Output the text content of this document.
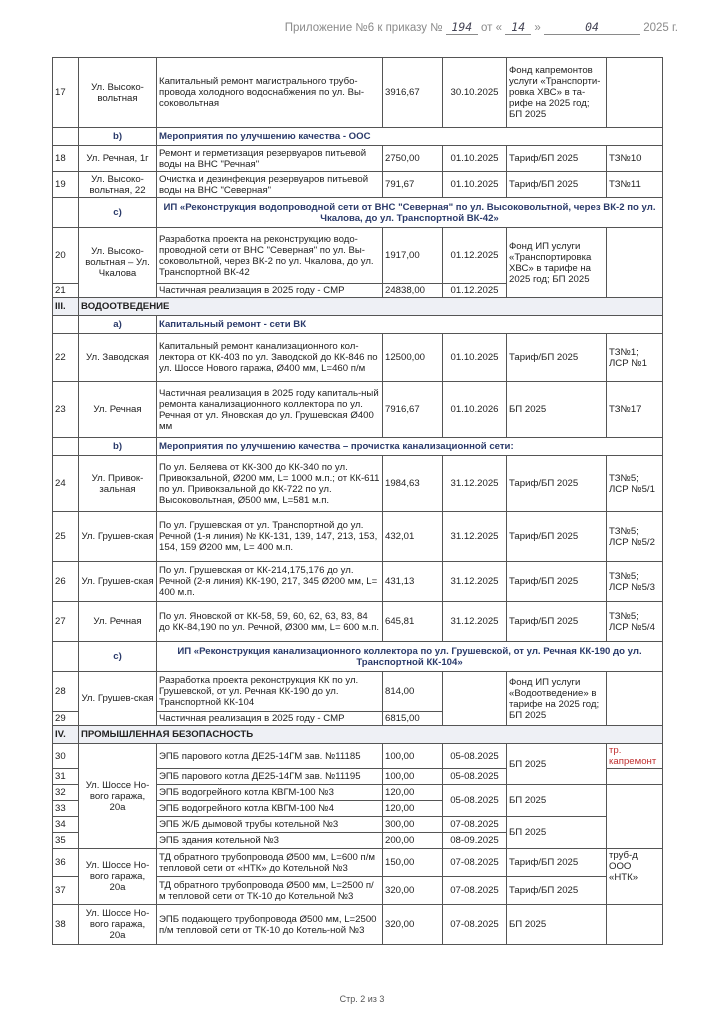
Приложение №6 к приказу № 194 от « 14 »	04	2025 г.
17	Ул. Высоко-вольтная	Капитальный ремонт магистрального трубо-провода холодного водоснабжения по ул. Вы-соковольтная	3916,67	30.10.2025	Фонд капремонтов услуги «Транспорти-ровка ХВС» в та-рифе на 2025 год; БП 2025	
	b)	Мероприятия по улучшению качества - ООС				
18	Ул. Речная, 1г	Ремонт и герметизация резервуаров питьевой воды на ВНС "Речная"	2750,00	01.10.2025	Тариф/БП 2025	ТЗ№10
19	Ул. Высоко-вольтная, 22	Очистка и дезинфекция резервуаров питьевой воды на ВНС "Северная"	791,67	01.10.2025	Тариф/БП 2025	ТЗ№11
	c)	ИП «Реконструкция водопроводной сети от ВНС "Северная" по ул. Высоковольтной, через ВК-2 по ул. Чкалова, до ул. Транспортной ВК-42»				
20	Ул. Высоко-вольтная – Ул. Чкалова	Разработка проекта на реконструкцию водо-проводной сети от ВНС "Северная" по ул. Вы-соковольтной, через ВК-2 по ул. Чкалова, до ул. Транспортной ВК-42	1917,00	01.12.2025	Фонд ИП услуги «Транспортировка ХВС» в тарифе на 2025 год; БП 2025	
21		Частичная реализация в 2025 году - СМР	24838,00	01.12.2025		
III.	ВОДООТВЕДЕНИЕ					
	a)	Капитальный ремонт - сети ВК				
22	Ул. Заводская	Капитальный ремонт канализационного кол-лектора от КК-403 по ул. Заводской до КК-846 по ул. Шоссе Нового гаража, Ø400 мм, L=460 п/м	12500,00	01.10.2025	Тариф/БП 2025	ТЗ№1; ЛСР №1
23	Ул. Речная	Частичная реализация в 2025 году капиталь-ный ремонта канализационного коллектора по ул. Речная от ул. Яновская до ул. Грушевская Ø400 мм	7916,67	01.10.2026	БП 2025	ТЗ№17
	b)	Мероприятия по улучшению качества – прочистка канализационной сети:				
24	Ул. Привок-зальная	По ул. Беляева от КК-300 до КК-340 по ул. Привокзальной, Ø200 мм, L= 1000 м.п.; от КК-611 по ул. Привокзальной до КК-722 по ул. Высоковольтная, Ø500 мм, L=581 м.п.	1984,63	31.12.2025	Тариф/БП 2025	ТЗ№5; ЛСР №5/1
25	Ул. Грушев-ская	По ул. Грушевская от ул. Транспортной до ул. Речной (1-я линия) № КК-131, 139, 147, 213, 153, 154, 159 Ø200 мм, L= 400 м.п.	432,01	31.12.2025	Тариф/БП 2025	ТЗ№5; ЛСР №5/2
26	Ул. Грушев-ская	По ул. Грушевская от КК-214,175,176 до ул. Речной (2-я линия) КК-190, 217, 345 Ø200 мм, L= 400 м.п.	431,13	31.12.2025	Тариф/БП 2025	ТЗ№5; ЛСР №5/3
27	Ул. Речная	По ул. Яновской от КК-58, 59, 60, 62, 63, 83, 84 до КК-84,190 по ул. Речной, Ø300 мм, L= 600 м.п.	645,81	31.12.2025	Тариф/БП 2025	ТЗ№5; ЛСР №5/4
	c)	ИП «Реконструкция канализационного коллектора по ул. Грушевской, от ул. Речная КК-190 до ул. Транспортной КК-104»				
28	Ул. Грушев-ская	Разработка проекта реконструкция КК по ул. Грушевской, от ул. Речная КК-190 до ул. Транспортной КК-104	814,00		Фонд ИП услуги «Водоотведение» в тарифе на 2025 год; БП 2025	
29		Частичная реализация в 2025 году - СМР	6815,00			
IV.	ПРОМЫШЛЕННАЯ БЕЗОПАСНОСТЬ					
30	Ул. Шоссе Но-вого гаража, 20а	ЭПБ парового котла ДЕ25-14ГМ зав. №11185	100,00	05-08.2025	БП 2025	тр. капремонт
31		ЭПБ парового котла ДЕ25-14ГМ зав. №11195	100,00	05-08.2025		
32		ЭПБ водогрейного котла КВГМ-100 №3	120,00	05-08.2025	БП 2025	
33		ЭПБ водогрейного котла КВГМ-100 №4	120,00			
34		ЭПБ Ж/Б дымовой трубы котельной №3	300,00	07-08.2025	БП 2025	
35		ЭПБ здания котельной №3	200,00	08-09.2025		
36	Ул. Шоссе Но-вого гаража, 20а	ТД обратного трубопровода Ø500 мм, L=600 п/м тепловой сети от «НТК» до Котельной №3	150,00	07-08.2025	Тариф/БП 2025	труб-д ООО «НТК»
37		ТД обратного трубопровода Ø500 мм, L=2500 п/м тепловой сети от ТК-10 до Котельной №3	320,00	07-08.2025	Тариф/БП 2025	
38	Ул. Шоссе Но-вого гаража, 20а	ЭПБ подающего трубопровода Ø500 мм, L=2500 п/м тепловой сети от ТК-10 до Котель-ной №3	320,00	07-08.2025	БП 2025	
Стр. 2 из 3
